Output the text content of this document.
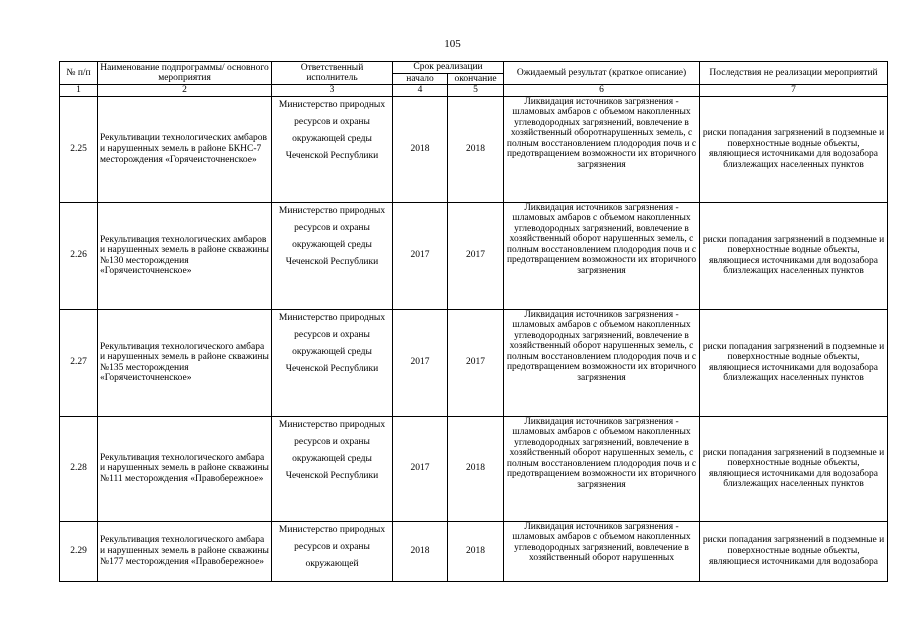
105
№ п/п	Наименование подпрограммы/ основного мероприятия	Ответственный исполнитель	Срок реализации		Ожидаемый результат (краткое описание)	Последствия не реализации мероприятий
			начало	окончание		
1	2	3	4	5	6	7
2.25	Рекультивации технологических амбаров и нарушенных земель в районе БКНС-7 месторождения «Горячеисточненское»	Министерство природных ресурсов и охраны окружающей среды Чеченской Республики	2018	2018	Ликвидация источников загрязнения - шламовых амбаров с объемом накопленных углеводородных загрязнений, вовлечение в хозяйственный оборотнарушенных земель, с полным восстановлением плодородия почв и с предотвращением возможности их вторичного загрязнения	риски попадания загрязнений в подземные и поверхностные водные объекты, являющиеся источниками для водозабора близлежащих населенных пунктов
2.26	Рекультивация технологических амбаров и нарушенных земель в районе скважины №130 месторождения «Горячеисточненское»	Министерство природных ресурсов и охраны окружающей среды Чеченской Республики	2017	2017	Ликвидация источников загрязнения - шламовых амбаров с объемом накопленных углеводородных загрязнений, вовлечение в хозяйственный оборот нарушенных земель, с полным восстановлением плодородия почв и с предотвращением возможности их вторичного загрязнения	риски попадания загрязнений в подземные и поверхностные водные объекты, являющиеся источниками для водозабора близлежащих населенных пунктов
2.27	Рекультивация технологического амбара и нарушенных земель в районе скважины №135 месторождения «Горячеисточненское»	Министерство природных ресурсов и охраны окружающей среды Чеченской Республики	2017	2017	Ликвидация источников загрязнения - шламовых амбаров с объемом накопленных углеводородных загрязнений, вовлечение в хозяйственный оборот нарушенных земель, с полным восстановлением плодородия почв и с предотвращением возможности их вторичного загрязнения	риски попадания загрязнений в подземные и поверхностные водные объекты, являющиеся источниками для водозабора близлежащих населенных пунктов
2.28	Рекультивация технологического амбара и нарушенных земель в районе скважины №111 месторождения «Правобережное»	Министерство природных ресурсов и охраны окружающей среды Чеченской Республики	2017	2018	Ликвидация источников загрязнения - шламовых амбаров с объемом накопленных углеводородных загрязнений, вовлечение в хозяйственный оборот нарушенных земель, с полным восстановлением плодородия почв и с предотвращением возможности их вторичного загрязнения	риски попадания загрязнений в подземные и поверхностные водные объекты, являющиеся источниками для водозабора близлежащих населенных пунктов
2.29	Рекультивация технологического амбара и нарушенных земель в районе скважины №177 месторождения «Правобережное»	Министерство природных ресурсов и охраны окружающей	2018	2018	Ликвидация источников загрязнения - шламовых амбаров с объемом накопленных углеводородных загрязнений, вовлечение в хозяйственный оборот нарушенных	риски попадания загрязнений в подземные и поверхностные водные объекты, являющиеся источниками для водозабора
